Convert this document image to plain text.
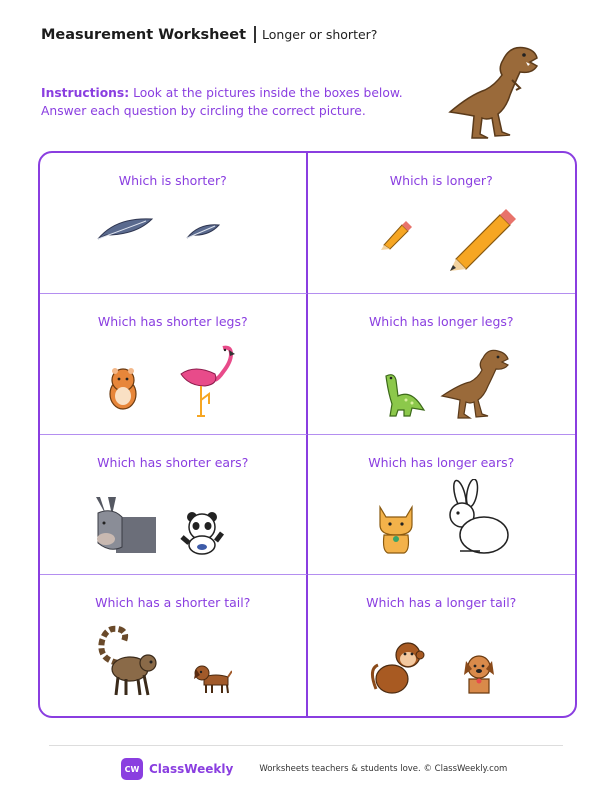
Measurement Worksheet Longer or shorter?
Instructions: Look at the pictures inside the boxes below.
Answer each question by circling the correct picture.
Which is shorter?	Which is longer?
Which has shorter legs?	Which has longer legs?
Which has shorter ears?	Which has longer ears?
Which has a shorter tail?	Which has a longer tail?
CW ClassWeekly	Worksheets teachers & students love. © ClassWeekly.com
